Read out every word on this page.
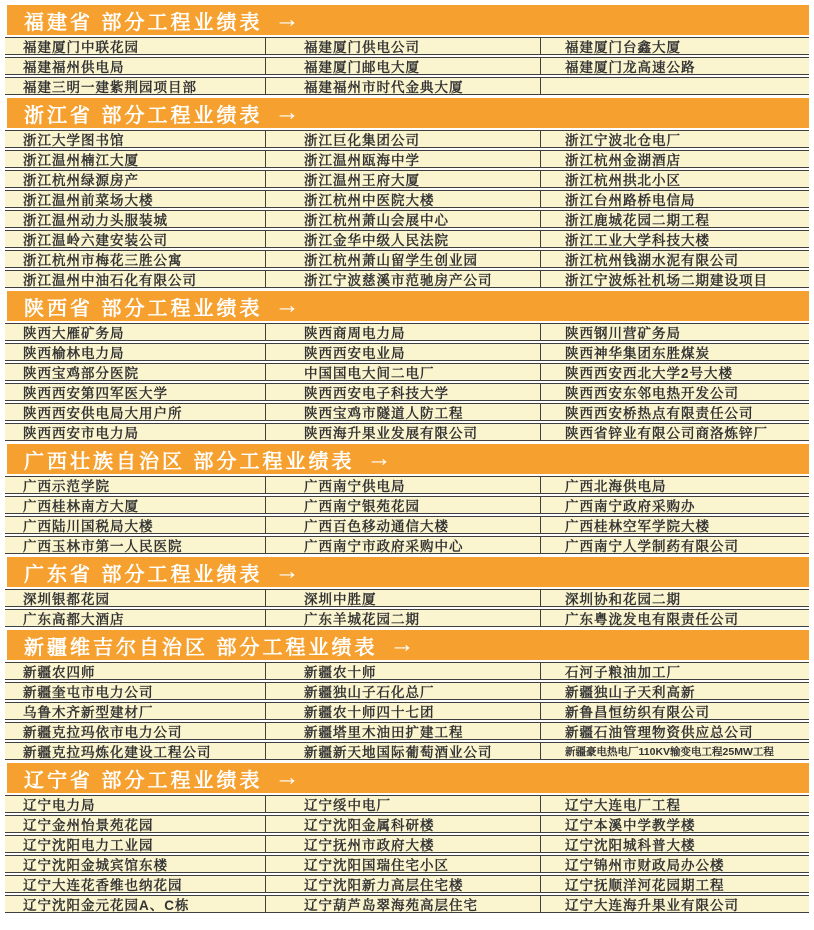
福建省 部分工程业绩表 →
福建厦门中联花园	福建厦门供电公司	福建厦门台鑫大厦
福建福州供电局	福建厦门邮电大厦	福建厦门龙高速公路
福建三明一建紫荆园项目部	福建福州市时代金典大厦
浙江省 部分工程业绩表 →
浙江大学图书馆	浙江巨化集团公司	浙江宁波北仓电厂
浙江温州楠江大厦	浙江温州瓯海中学	浙江杭州金湖酒店
浙江杭州绿源房产	浙江温州王府大厦	浙江杭州拱北小区
浙江温州前菜场大楼	浙江杭州中医院大楼	浙江台州路桥电信局
浙江温州动力头服装城	浙江杭州萧山会展中心	浙江鹿城花园二期工程
浙江温岭六建安装公司	浙江金华中级人民法院	浙江工业大学科技大楼
浙江杭州市梅花三胜公寓	浙江杭州萧山留学生创业园	浙江杭州钱湖水泥有限公司
浙江温州中油石化有限公司	浙江宁波慈溪市范驰房产公司	浙江宁波烁社机场二期建设项目
陕西省 部分工程业绩表 →
陕西大雁矿务局	陕西商周电力局	陕西钢川营矿务局
陕西榆林电力局	陕西西安电业局	陕西神华集团东胜煤炭
陕西宝鸡部分医院	中国国电大间二电厂	陕西西安西北大学2号大楼
陕西西安第四军医大学	陕西西安电子科技大学	陕西西安东邻电热开发公司
陕西西安供电局大用户所	陕西宝鸡市隧道人防工程	陕西西安桥热点有限责任公司
陕西西安市电力局	陕西海升果业发展有限公司	陕西省锌业有限公司商洛炼锌厂
广西壮族自治区 部分工程业绩表 →
广西示范学院	广西南宁供电局	广西北海供电局
广西桂林南方大厦	广西南宁银苑花园	广西南宁政府采购办
广西陆川国税局大楼	广西百色移动通信大楼	广西桂林空军学院大楼
广西玉林市第一人民医院	广西南宁市政府采购中心	广西南宁人学制药有限公司
广东省 部分工程业绩表 →
深圳银都花园	深圳中胜厦	深圳协和花园二期
广东高都大酒店	广东羊城花园二期	广东粤泷发电有限责任公司
新疆维吉尔自治区 部分工程业绩表 →
新疆农四师	新疆农十师	石河子粮油加工厂
新疆奎屯市电力公司	新疆独山子石化总厂	新疆独山子天利高新
乌鲁木齐新型建材厂	新疆农十师四十七团	新鲁昌恒纺织有限公司
新疆克拉玛依市电力公司	新疆塔里木油田扩建工程	新疆石油管理物资供应总公司
新疆克拉玛炼化建设工程公司	新疆新天地国际葡萄酒业公司	新疆豪电热电厂110KV输变电工程25MW工程
辽宁省 部分工程业绩表 →
辽宁电力局	辽宁绥中电厂	辽宁大连电厂工程
辽宁金州怡景苑花园	辽宁沈阳金属科研楼	辽宁本溪中学教学楼
辽宁沈阳电力工业园	辽宁抚州市政府大楼	辽宁沈阳城科普大楼
辽宁沈阳金城宾馆东楼	辽宁沈阳国瑞住宅小区	辽宁锦州市财政局办公楼
辽宁大连花香维也纳花园	辽宁沈阳新力高层住宅楼	辽宁抚顺洋河花园期工程
辽宁沈阳金元花园A、C栋	辽宁葫芦岛翠海苑高层住宅	辽宁大连海升果业有限公司
